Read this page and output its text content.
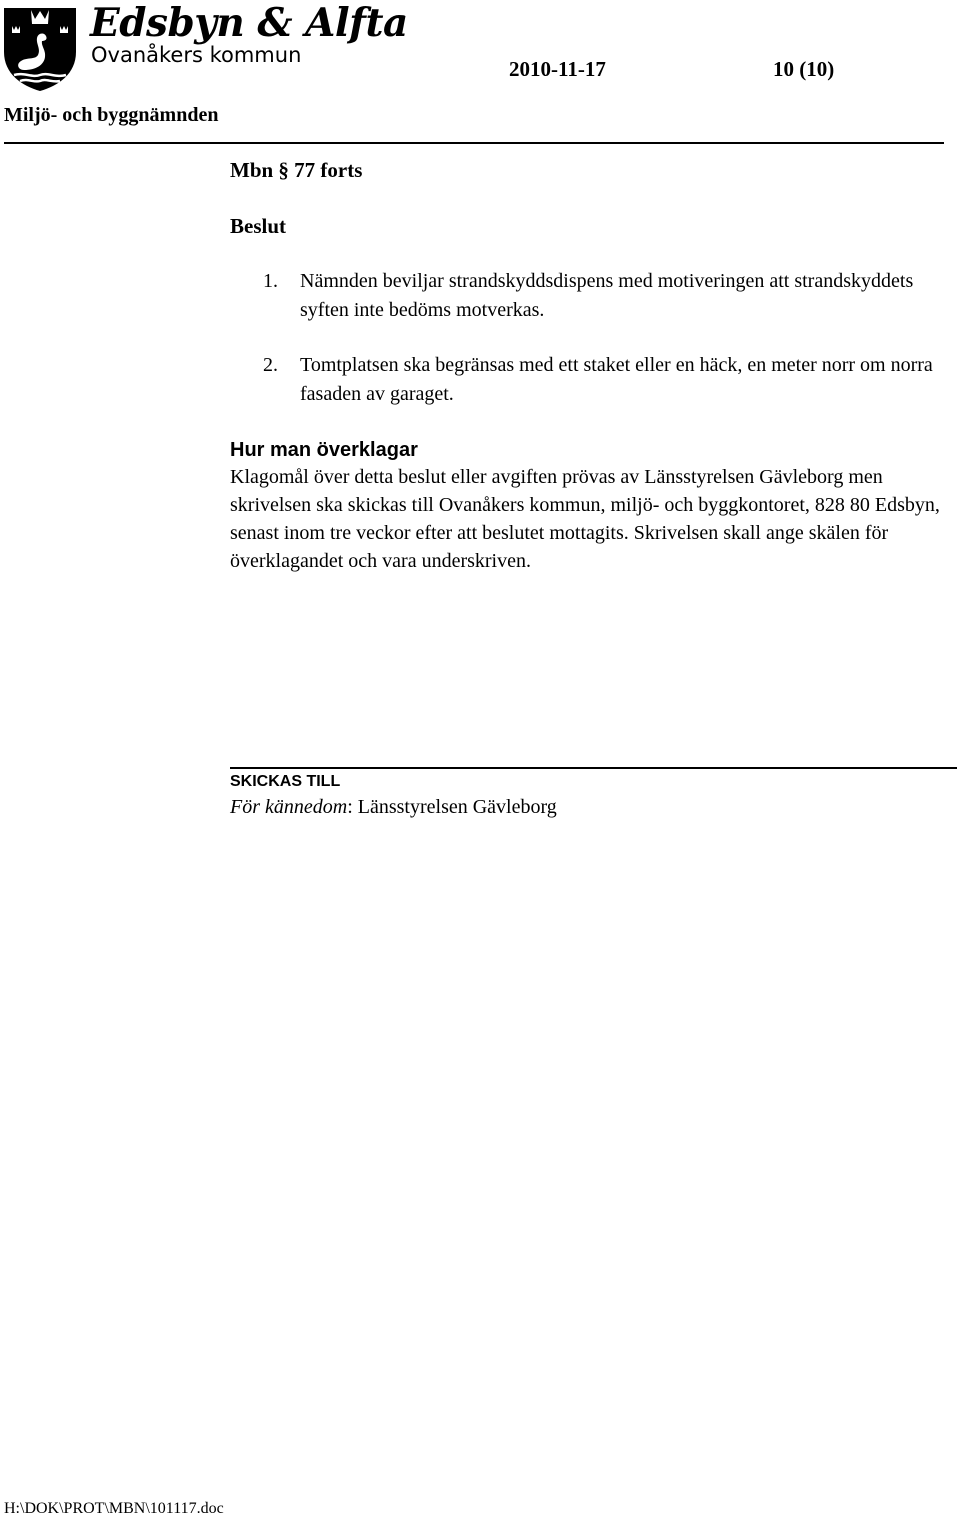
Edsbyn & Alfta
Ovanåkers kommun
2010-11-17	10 (10)
Miljö- och byggnämnden
Mbn § 77 forts
Beslut
1. Nämnden beviljar strandskyddsdispens med motiveringen att strandskyddets syften inte bedöms motverkas.
2. Tomtplatsen ska begränsas med ett staket eller en häck, en meter norr om norra fasaden av garaget.
Hur man överklagar

Klagomål över detta beslut eller avgiften prövas av Länsstyrelsen Gävleborg men skrivelsen ska skickas till Ovanåkers kommun, miljö- och byggkontoret, 828 80 Edsbyn, senast inom tre veckor efter att beslutet mottagits. Skrivelsen skall ange skälen för överklagandet och vara underskriven.

SKICKAS TILL
För kännedom: Länsstyrelsen Gävleborg
H:\DOK\PROT\MBN\101117.doc
